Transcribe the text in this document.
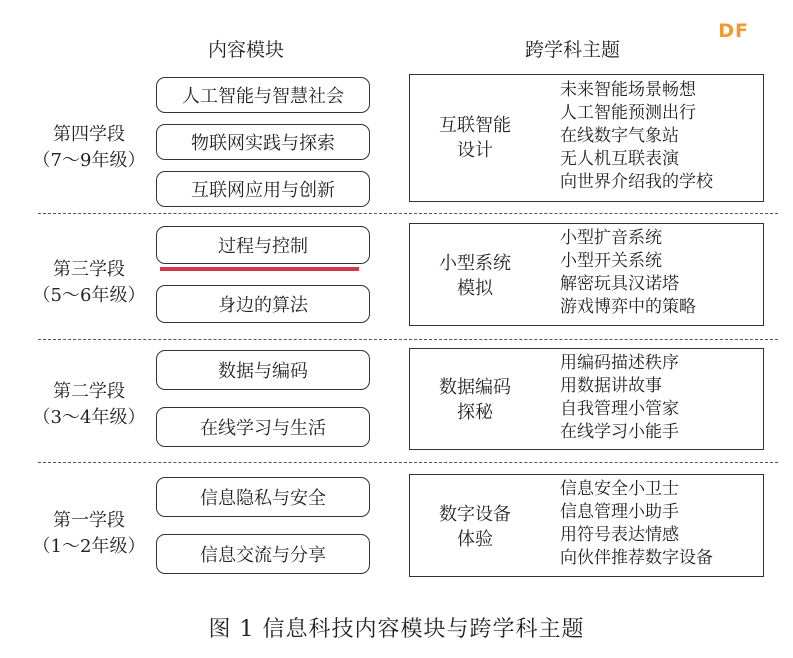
DF
内容模块	跨学科主题
第四学段
（7～9年级）
人工智能与智慧社会
物联网实践与探索
互联网应用与创新
互联智能
设计
未来智能场景畅想
人工智能预测出行
在线数字气象站
无人机互联表演
向世界介绍我的学校
第三学段
（5～6年级）
过程与控制
身边的算法
小型系统
模拟
小型扩音系统
小型开关系统
解密玩具汉诺塔
游戏博弈中的策略
第二学段
（3～4年级）
数据与编码
在线学习与生活
数据编码
探秘
用编码描述秩序
用数据讲故事
自我管理小管家
在线学习小能手
第一学段
（1～2年级）
信息隐私与安全
信息交流与分享
数字设备
体验
信息安全小卫士
信息管理小助手
用符号表达情感
向伙伴推荐数字设备
图 1 信息科技内容模块与跨学科主题
